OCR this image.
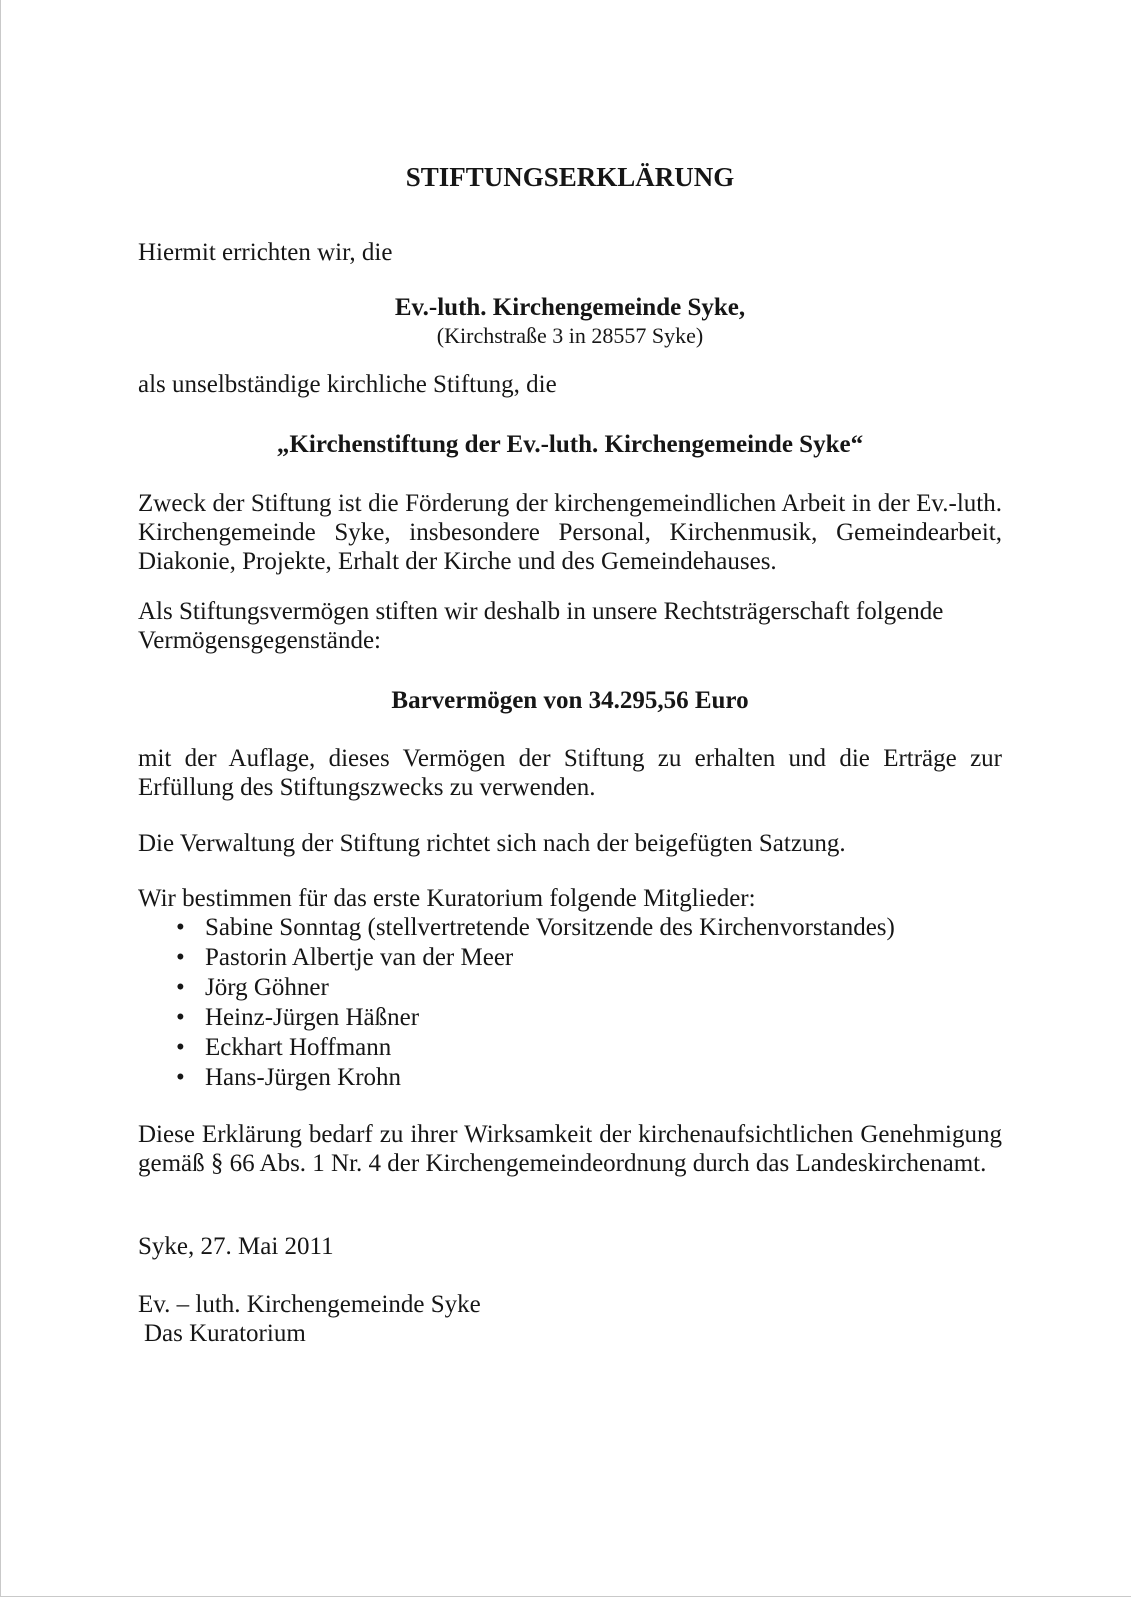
STIFTUNGSERKLÄRUNG
Hiermit errichten wir, die
Ev.-luth. Kirchengemeinde Syke,
(Kirchstraße 3 in 28557 Syke)
als unselbständige kirchliche Stiftung, die
„Kirchenstiftung der Ev.-luth. Kirchengemeinde Syke“
Zweck der Stiftung ist die Förderung der kirchengemeindlichen Arbeit in der Ev.-luth.
Kirchengemeinde Syke, insbesondere Personal, Kirchenmusik, Gemeindearbeit,
Diakonie, Projekte, Erhalt der Kirche und des Gemeindehauses.
Als Stiftungsvermögen stiften wir deshalb in unsere Rechtsträgerschaft folgende
Vermögensgegenstände:
Barvermögen von 34.295,56 Euro
mit der Auflage, dieses Vermögen der Stiftung zu erhalten und die Erträge zur
Erfüllung des Stiftungszwecks zu verwenden.
Die Verwaltung der Stiftung richtet sich nach der beigefügten Satzung.
Wir bestimmen für das erste Kuratorium folgende Mitglieder:
• Sabine Sonntag (stellvertretende Vorsitzende des Kirchenvorstandes)
• Pastorin Albertje van der Meer
• Jörg Göhner
• Heinz-Jürgen Häßner
• Eckhart Hoffmann
• Hans-Jürgen Krohn
Diese Erklärung bedarf zu ihrer Wirksamkeit der kirchenaufsichtlichen Genehmigung
gemäß § 66 Abs. 1 Nr. 4 der Kirchengemeindeordnung durch das Landeskirchenamt.
Syke, 27. Mai 2011
Ev. – luth. Kirchengemeinde Syke
Das Kuratorium
